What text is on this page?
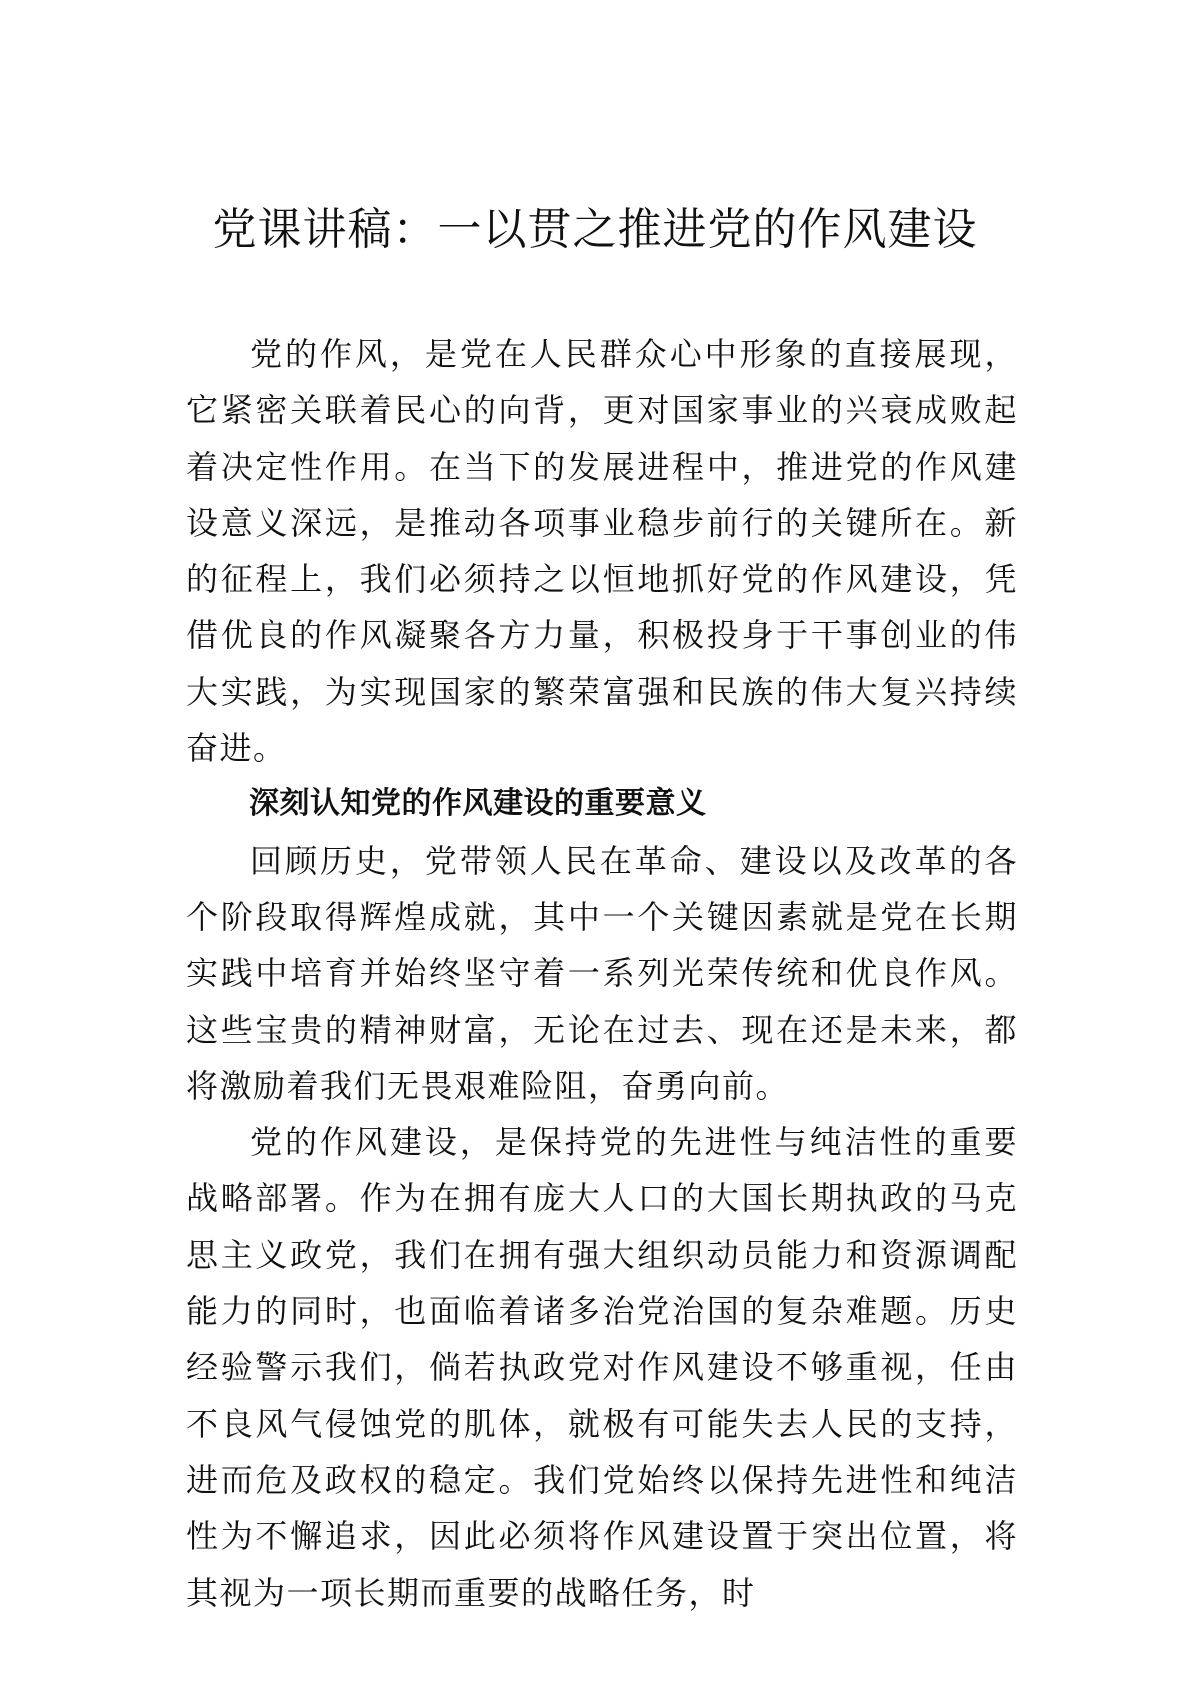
党课讲稿：一以贯之推进党的作风建设

党的作风，是党在人民群众心中形象的直接展现，它紧密关联着民心的向背，更对国家事业的兴衰成败起着决定性作用。在当下的发展进程中，推进党的作风建设意义深远，是推动各项事业稳步前行的关键所在。新的征程上，我们必须持之以恒地抓好党的作风建设，凭借优良的作风凝聚各方力量，积极投身于干事创业的伟大实践，为实现国家的繁荣富强和民族的伟大复兴持续奋进。

深刻认知党的作风建设的重要意义

回顾历史，党带领人民在革命、建设以及改革的各个阶段取得辉煌成就，其中一个关键因素就是党在长期实践中培育并始终坚守着一系列光荣传统和优良作风。这些宝贵的精神财富，无论在过去、现在还是未来，都将激励着我们无畏艰难险阻，奋勇向前。

党的作风建设，是保持党的先进性与纯洁性的重要战略部署。作为在拥有庞大人口的大国长期执政的马克思主义政党，我们在拥有强大组织动员能力和资源调配能力的同时，也面临着诸多治党治国的复杂难题。历史经验警示我们，倘若执政党对作风建设不够重视，任由不良风气侵蚀党的肌体，就极有可能失去人民的支持，进而危及政权的稳定。我们党始终以保持先进性和纯洁性为不懈追求，因此必须将作风建设置于突出位置，将其视为一项长期而重要的战略任务，时
